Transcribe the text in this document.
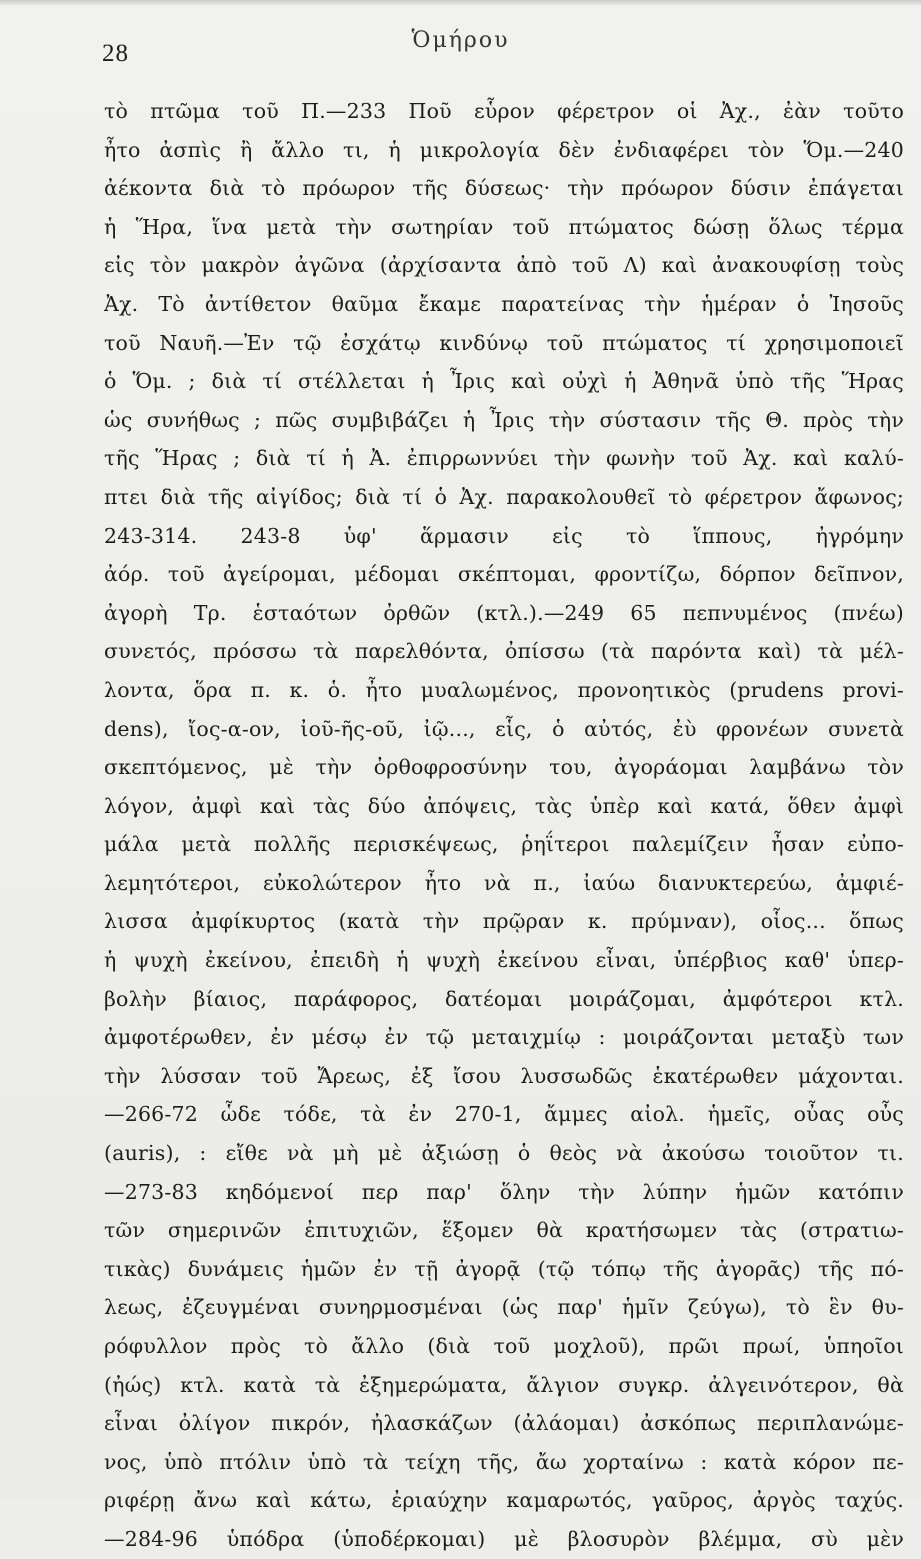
28	Ὁμήρου
τὸ πτῶμα τοῦ Π.—233 Ποῦ εὗρον φέρετρον οἱ Ἀχ., ἐὰν τοῦτο
ἦτο ἀσπὶς ἢ ἄλλο τι, ἡ μικρολογία δὲν ἐνδιαφέρει τὸν Ὅμ.—240
ἀέκοντα διὰ τὸ πρόωρον τῆς δύσεως· τὴν πρόωρον δύσιν ἐπάγεται
ἡ Ἥρα, ἵνα μετὰ τὴν σωτηρίαν τοῦ πτώματος δώσῃ ὅλως τέρμα
εἰς τὸν μακρὸν ἀγῶνα (ἀρχίσαντα ἀπὸ τοῦ Λ) καὶ ἀνακουφίσῃ τοὺς
Ἀχ. Τὸ ἀντίθετον θαῦμα ἔκαμε παρατείνας τὴν ἡμέραν ὁ Ἰησοῦς
τοῦ Ναυῆ.—Ἐν τῷ ἐσχάτῳ κινδύνῳ τοῦ πτώματος τί χρησιμοποιεῖ
ὁ Ὅμ. ; διὰ τί στέλλεται ἡ Ἶρις καὶ οὐχὶ ἡ Ἀθηνᾶ ὑπὸ τῆς Ἥρας
ὡς συνήθως ; πῶς συμβιβάζει ἡ Ἶρις τὴν σύστασιν τῆς Θ. πρὸς τὴν
τῆς Ἥρας ; διὰ τί ἡ Ἀ. ἐπιρρωννύει τὴν φωνὴν τοῦ Ἀχ. καὶ καλύ-
πτει διὰ τῆς αἰγίδος; διὰ τί ὁ Ἀχ. παρακολουθεῖ τὸ φέρετρον ἄφωνος;
243-314. 243-8 ὑφ' ἅρμασιν εἰς τὸ ἵππους, ἠγρόμην
ἀόρ. τοῦ ἀγείρομαι, μέδομαι σκέπτομαι, φροντίζω, δόρπον δεῖπνον,
ἀγορὴ Τρ. ἑσταότων ὀρθῶν (κτλ.).—249 65 πεπνυμένος (πνέω)
συνετός, πρόσσω τὰ παρελθόντα, ὀπίσσω (τὰ παρόντα καὶ) τὰ μέλ-
λοντα, ὅρα π. κ. ὁ. ἦτο μυαλωμένος, προνοητικὸς (prudens provi-
dens), ἴος-α-ον, ἰοῦ-ῆς-οῦ, ἰῷ..., εἷς, ὁ αὐτός, ἐὺ φρονέων συνετὰ
σκεπτόμενος, μὲ τὴν ὀρθοφροσύνην του, ἀγοράομαι λαμβάνω τὸν
λόγον, ἀμφὶ καὶ τὰς δύο ἀπόψεις, τὰς ὑπὲρ καὶ κατά, ὅθεν ἀμφὶ
μάλα μετὰ πολλῆς περισκέψεως, ῥηΐτεροι παλεμίζειν ἦσαν εὐπο-
λεμητότεροι, εὐκολώτερον ἦτο νὰ π., ἰαύω διανυκτερεύω, ἀμφιέ-
λισσα ἀμφίκυρτος (κατὰ τὴν πρῷραν κ. πρύμναν), οἷος... ὅπως
ἡ ψυχὴ ἐκείνου, ἐπειδὴ ἡ ψυχὴ ἐκείνου εἶναι, ὑπέρβιος καθ' ὑπερ-
βολὴν βίαιος, παράφορος, δατέομαι μοιράζομαι, ἀμφότεροι κτλ.
ἀμφοτέρωθεν, ἐν μέσῳ ἐν τῷ μεταιχμίῳ : μοιράζονται μεταξὺ των
τὴν λύσσαν τοῦ Ἄρεως, ἐξ ἴσου λυσσωδῶς ἑκατέρωθεν μάχονται.
—266-72 ὧδε τόδε, τὰ ἐν 270-1, ἄμμες αἰολ. ἡμεῖς, οὖας οὖς
(auris), : εἴθε νὰ μὴ μὲ ἀξιώσῃ ὁ θεὸς νὰ ἀκούσω τοιοῦτον τι.
—273-83 κηδόμενοί περ παρ' ὅλην τὴν λύπην ἡμῶν κατόπιν
τῶν σημερινῶν ἐπιτυχιῶν, ἕξομεν θὰ κρατήσωμεν τὰς (στρατιω-
τικὰς) δυνάμεις ἡμῶν ἐν τῇ ἀγορᾷ (τῷ τόπῳ τῆς ἀγορᾶς) τῆς πό-
λεως, ἐζευγμέναι συνηρμοσμέναι (ὡς παρ' ἡμῖν ζεύγω), τὸ ἓν θυ-
ρόφυλλον πρὸς τὸ ἄλλο (διὰ τοῦ μοχλοῦ), πρῶι πρωί, ὑπηοῖοι
(ἠώς) κτλ. κατὰ τὰ ἐξημερώματα, ἄλγιον συγκρ. ἀλγεινότερον, θὰ
εἶναι ὀλίγον πικρόν, ἠλασκάζων (ἀλάομαι) ἀσκόπως περιπλανώμε-
νος, ὑπὸ πτόλιν ὑπὸ τὰ τείχη τῆς, ἄω χορταίνω : κατὰ κόρον πε-
ριφέρῃ ἄνω καὶ κάτω, ἐριαύχην καμαρωτός, γαῦρος, ἀργὸς ταχύς.
—284-96 ὑπόδρα (ὑποδέρκομαι) μὲ βλοσυρὸν βλέμμα, σὺ μὲν
